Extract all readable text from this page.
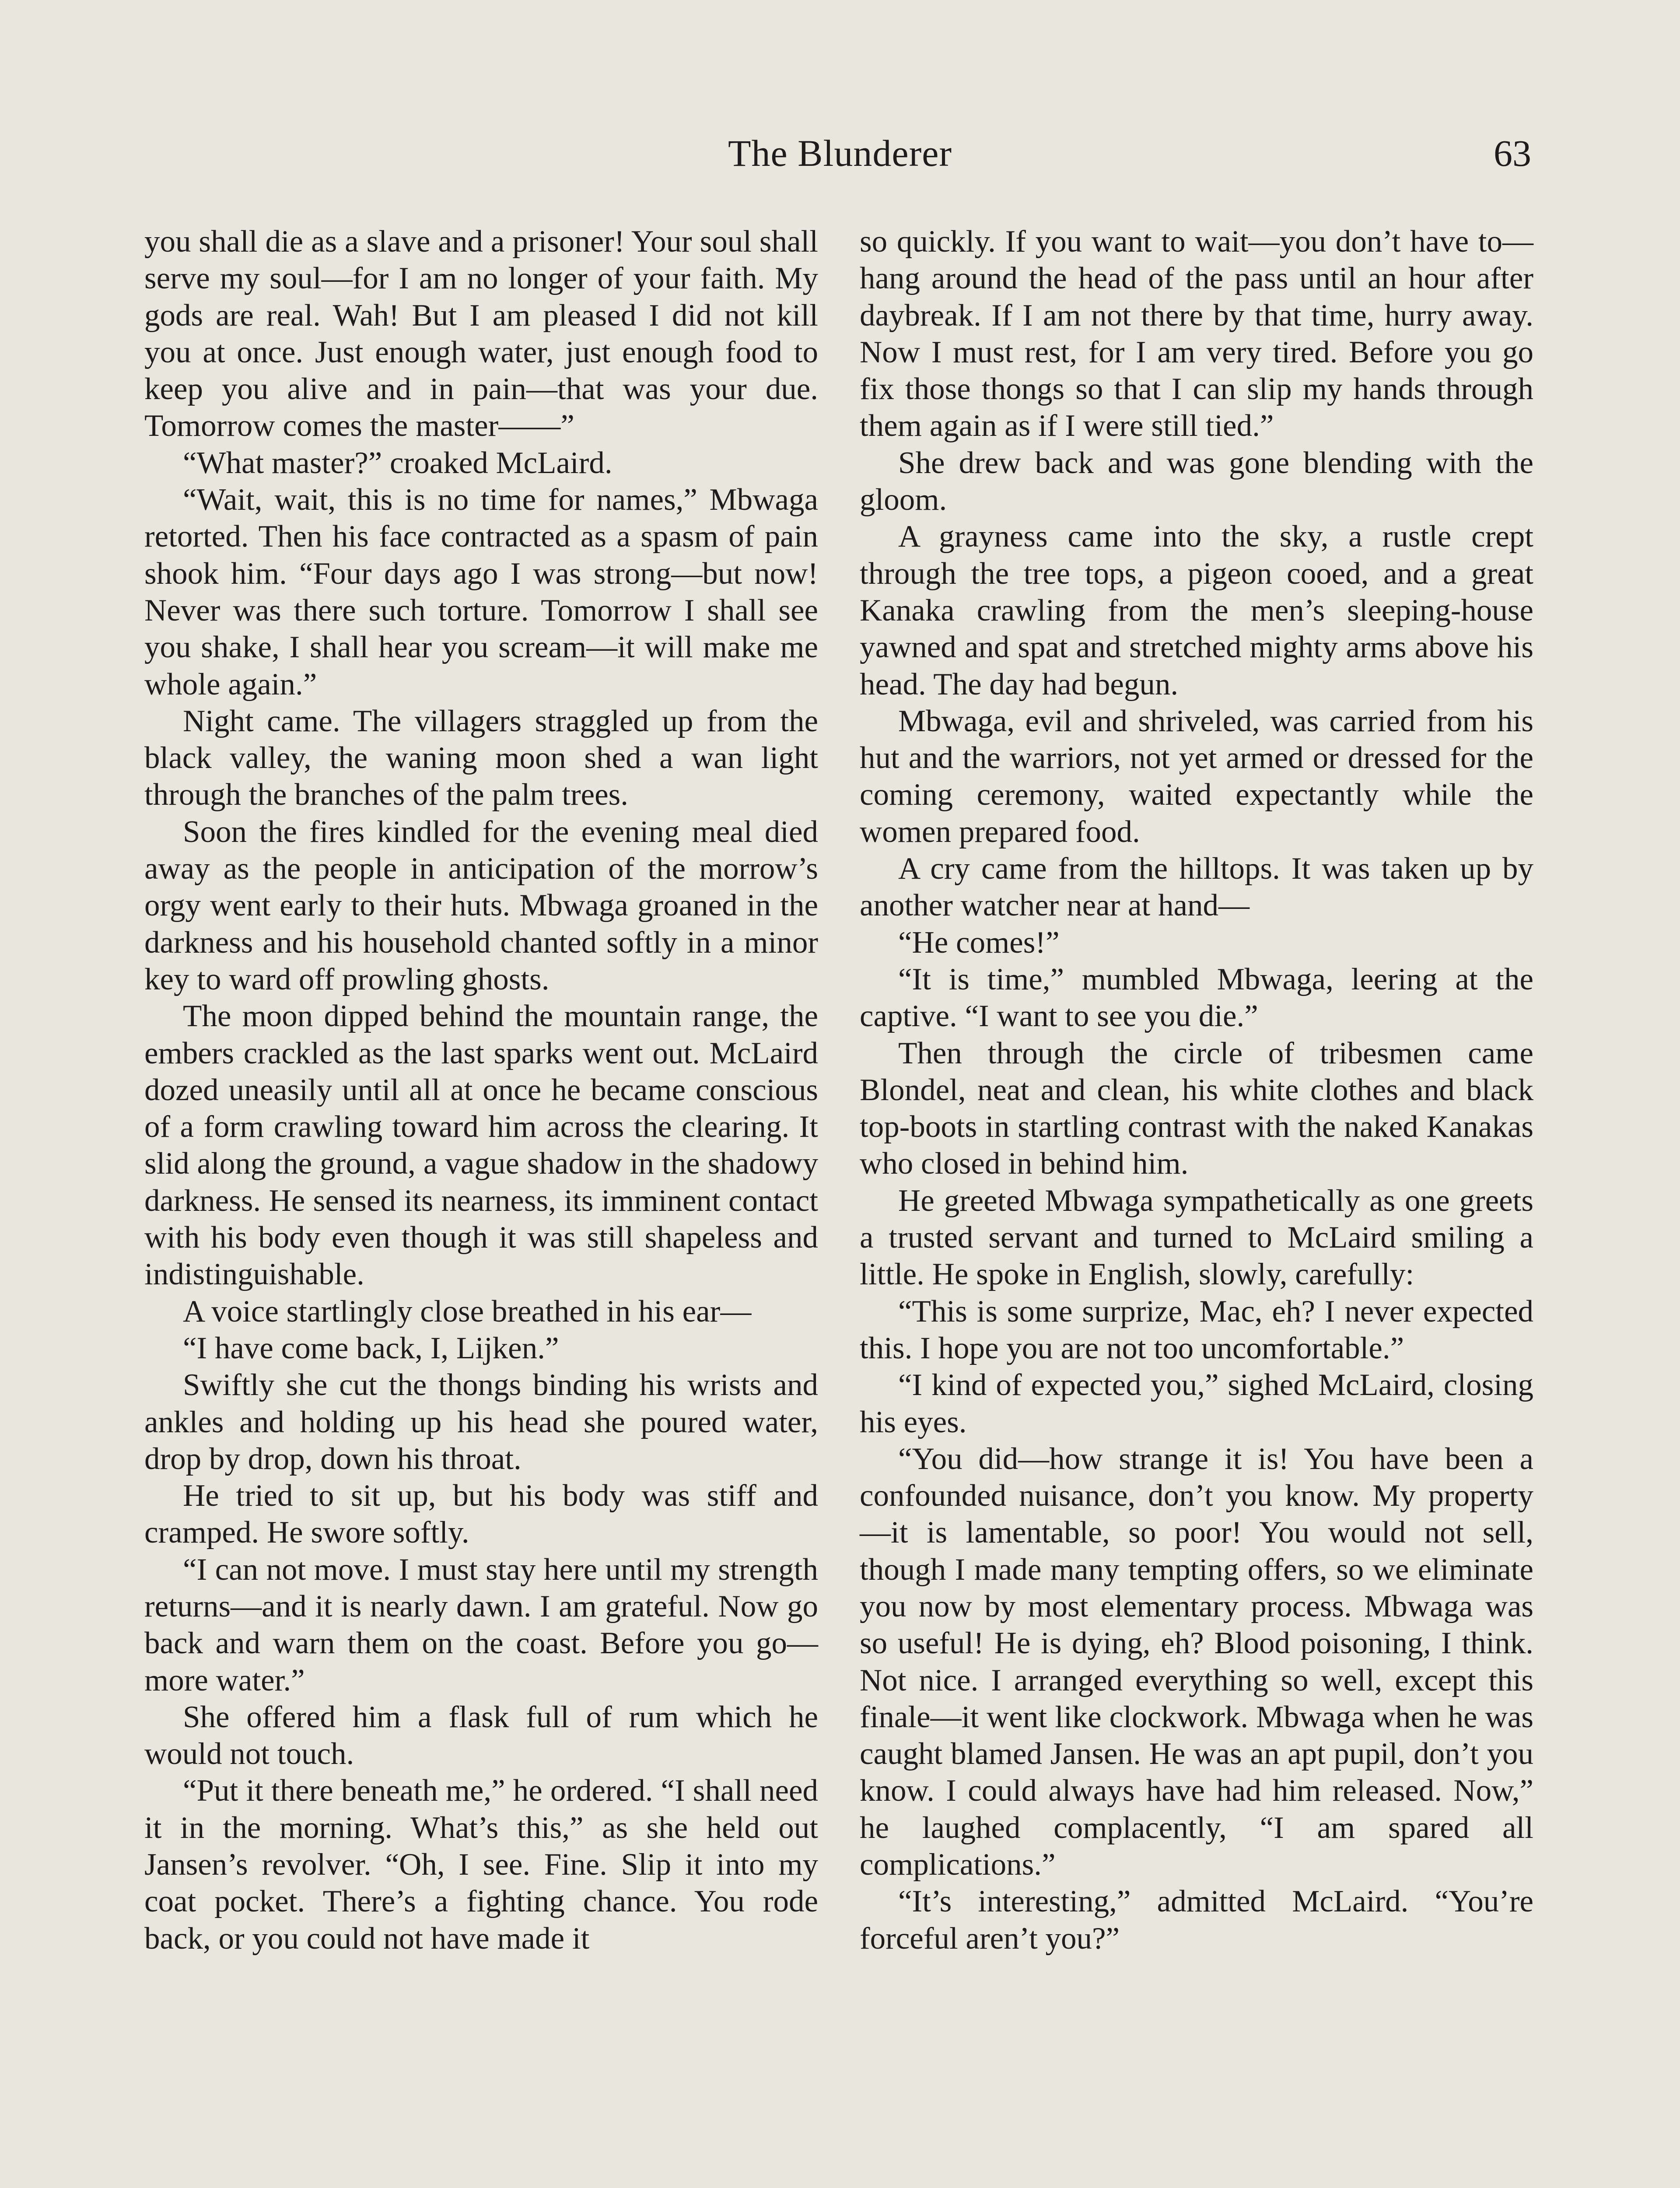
The Blunderer	63

you shall die as a slave and a prisoner! Your soul shall serve my soul—for I am no longer of your faith. My gods are real. Wah! But I am pleased I did not kill you at once. Just enough water, just enough food to keep you alive and in pain—that was your due. Tomorrow comes the master——”

“What master?” croaked McLaird.

“Wait, wait, this is no time for names,” Mbwaga retorted. Then his face contracted as a spasm of pain shook him. “Four days ago I was strong—but now! Never was there such torture. Tomorrow I shall see you shake, I shall hear you scream—it will make me whole again.”

Night came. The villagers straggled up from the black valley, the waning moon shed a wan light through the branches of the palm trees.

Soon the fires kindled for the evening meal died away as the people in anticipation of the morrow’s orgy went early to their huts. Mbwaga groaned in the darkness and his household chanted softly in a minor key to ward off prowling ghosts.

The moon dipped behind the mountain range, the embers crackled as the last sparks went out. McLaird dozed uneasily until all at once he became conscious of a form crawling toward him across the clearing. It slid along the ground, a vague shadow in the shadowy darkness. He sensed its nearness, its imminent contact with his body even though it was still shapeless and indistinguishable.

A voice startlingly close breathed in his ear—

“I have come back, I, Lijken.”

Swiftly she cut the thongs binding his wrists and ankles and holding up his head she poured water, drop by drop, down his throat.

He tried to sit up, but his body was stiff and cramped. He swore softly.

“I can not move. I must stay here until my strength returns—and it is nearly dawn. I am grateful. Now go back and warn them on the coast. Before you go—more water.”

She offered him a flask full of rum which he would not touch.

“Put it there beneath me,” he ordered. “I shall need it in the morning. What’s this,” as she held out Jansen’s revolver. “Oh, I see. Fine. Slip it into my coat pocket. There’s a fighting chance. You rode back, or you could not have made it

so quickly. If you want to wait—you don’t have to—hang around the head of the pass until an hour after daybreak. If I am not there by that time, hurry away. Now I must rest, for I am very tired. Before you go fix those thongs so that I can slip my hands through them again as if I were still tied.”

She drew back and was gone blending with the gloom.

A grayness came into the sky, a rustle crept through the tree tops, a pigeon cooed, and a great Kanaka crawling from the men’s sleeping-house yawned and spat and stretched mighty arms above his head. The day had begun.

Mbwaga, evil and shriveled, was carried from his hut and the warriors, not yet armed or dressed for the coming ceremony, waited expectantly while the women prepared food.

A cry came from the hilltops. It was taken up by another watcher near at hand—

“He comes!”

“It is time,” mumbled Mbwaga, leering at the captive. “I want to see you die.”

Then through the circle of tribesmen came Blondel, neat and clean, his white clothes and black top-boots in startling contrast with the naked Kanakas who closed in behind him.

He greeted Mbwaga sympathetically as one greets a trusted servant and turned to McLaird smiling a little. He spoke in English, slowly, carefully:

“This is some surprize, Mac, eh? I never expected this. I hope you are not too uncomfortable.”

“I kind of expected you,” sighed McLaird, closing his eyes.

“You did—how strange it is! You have been a confounded nuisance, don’t you know. My property—it is lamentable, so poor! You would not sell, though I made many tempting offers, so we eliminate you now by most elementary process. Mbwaga was so useful! He is dying, eh? Blood poisoning, I think. Not nice. I arranged everything so well, except this finale—it went like clockwork. Mbwaga when he was caught blamed Jansen. He was an apt pupil, don’t you know. I could always have had him released. Now,” he laughed complacently, “I am spared all complications.”

“It’s interesting,” admitted McLaird. “You’re forceful aren’t you?”
